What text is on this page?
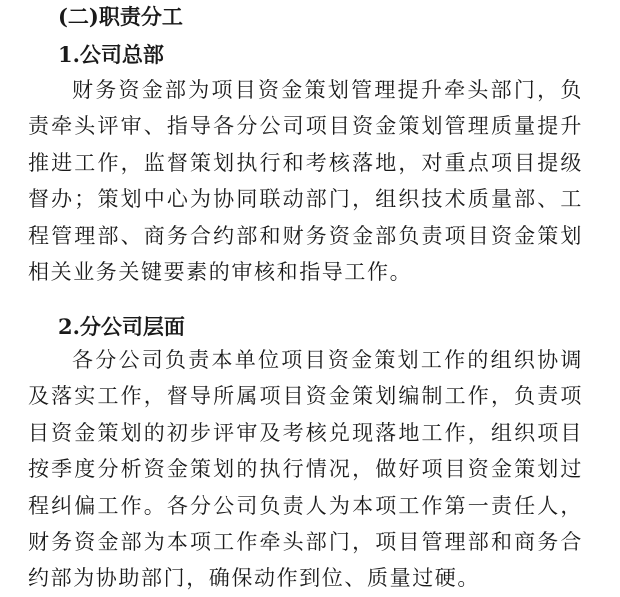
(二)职责分工
1.公司总部

财务资金部为项目资金策划管理提升牵头部门，负责牵头评审、指导各分公司项目资金策划管理质量提升推进工作，监督策划执行和考核落地，对重点项目提级督办；策划中心为协同联动部门，组织技术质量部、工程管理部、商务合约部和财务资金部负责项目资金策划相关业务关键要素的审核和指导工作。

2.分公司层面

各分公司负责本单位项目资金策划工作的组织协调及落实工作，督导所属项目资金策划编制工作，负责项目资金策划的初步评审及考核兑现落地工作，组织项目按季度分析资金策划的执行情况，做好项目资金策划过程纠偏工作。各分公司负责人为本项工作第一责任人，财务资金部为本项工作牵头部门，项目管理部和商务合约部为协助部门，确保动作到位、质量过硬。
